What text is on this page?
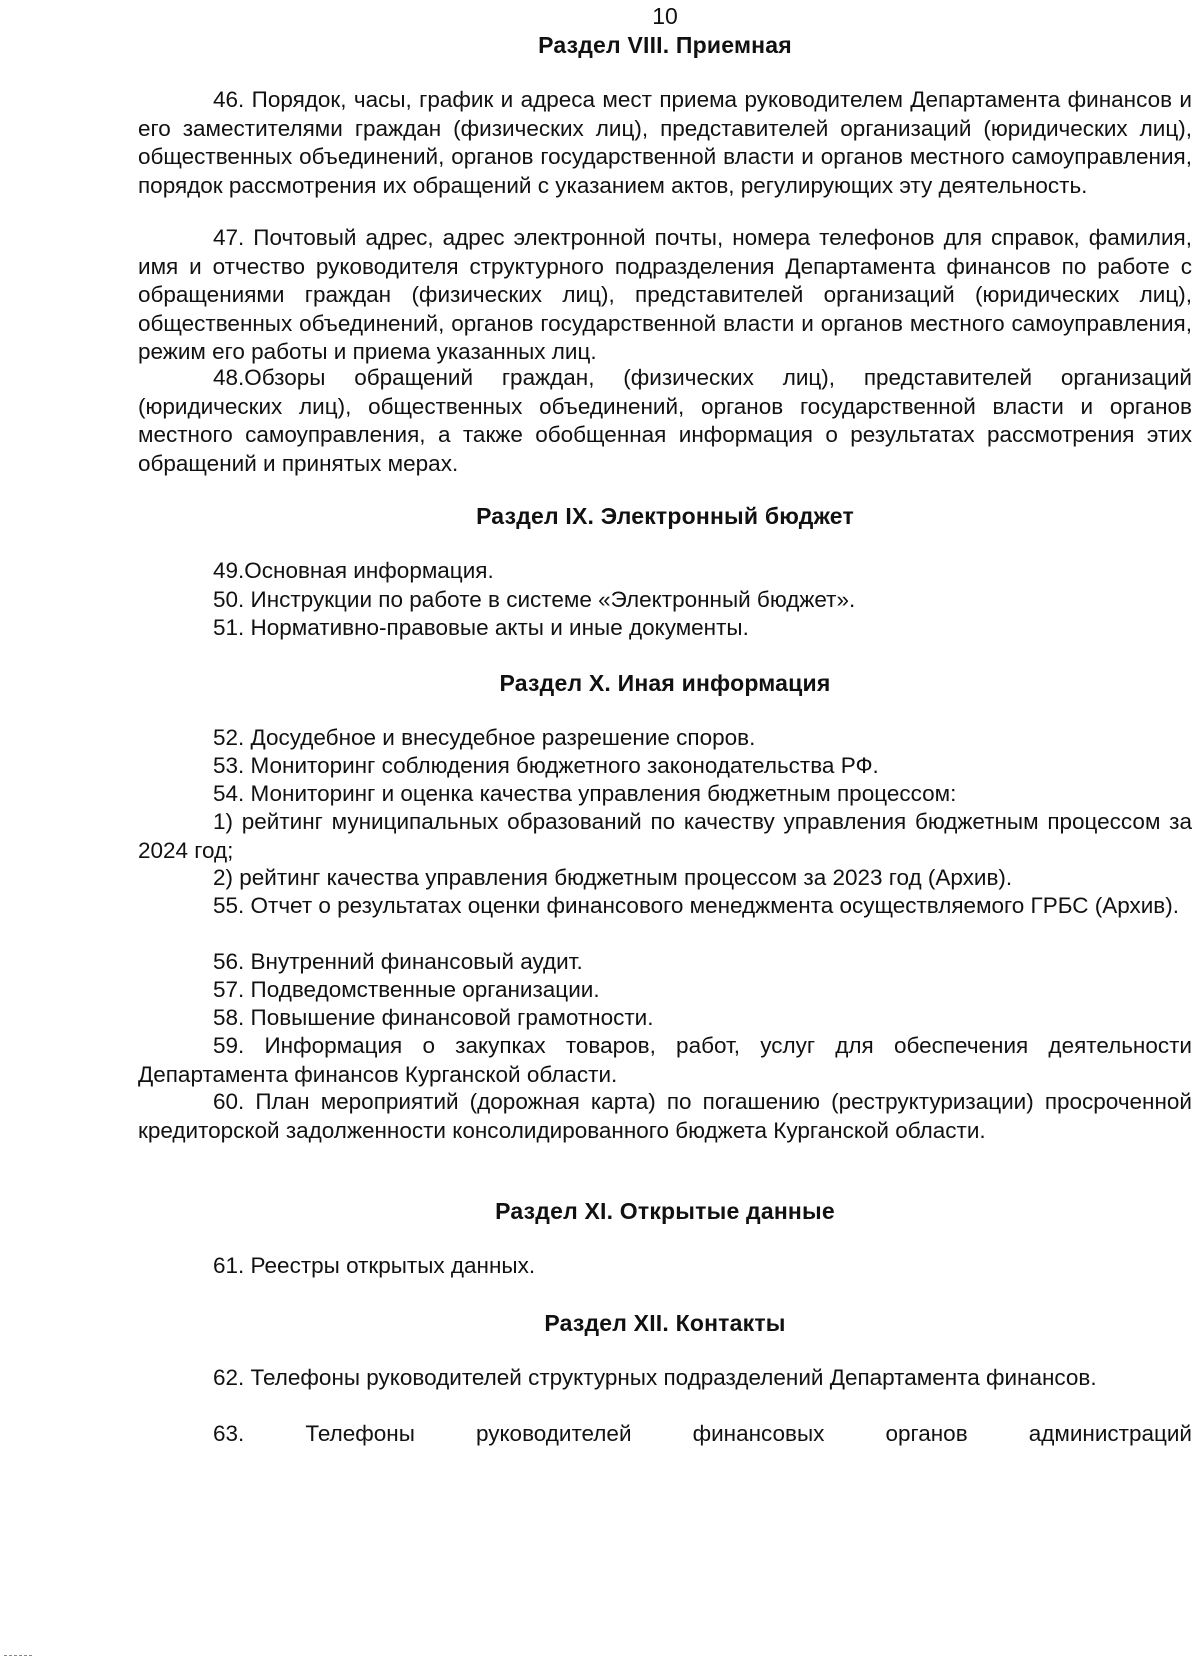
10
Раздел VIII. Приемная

46. Порядок, часы, график и адреса мест приема руководителем Департамента финансов и его заместителями граждан (физических лиц), представителей организаций (юридических лиц), общественных объединений, органов государственной власти и органов местного самоуправления, порядок рассмотрения их обращений с указанием актов, регулирующих эту деятельность.

47. Почтовый адрес, адрес электронной почты, номера телефонов для справок, фамилия, имя и отчество руководителя структурного подразделения Департамента финансов по работе с обращениями граждан (физических лиц), представителей организаций (юридических лиц), общественных объединений, органов государственной власти и органов местного самоуправления, режим его работы и приема указанных лиц.

48.Обзоры обращений граждан, (физических лиц), представителей организаций (юридических лиц), общественных объединений, органов государственной власти и органов местного самоуправления, а также обобщенная информация о результатах рассмотрения этих обращений и принятых мерах.

Раздел IX. Электронный бюджет

49.Основная информация.

50. Инструкции по работе в системе «Электронный бюджет».

51. Нормативно-правовые акты и иные документы.

Раздел X. Иная информация

52. Досудебное и внесудебное разрешение споров.

53. Мониторинг соблюдения бюджетного законодательства РФ.

54. Мониторинг и оценка качества управления бюджетным процессом:

1) рейтинг муниципальных образований по качеству управления бюджетным процессом за 2024 год;

2) рейтинг качества управления бюджетным процессом за 2023 год (Архив).

55. Отчет о результатах оценки финансового менеджмента осуществляемого ГРБС (Архив).

56. Внутренний финансовый аудит.

57. Подведомственные организации.

58. Повышение финансовой грамотности.

59. Информация о закупках товаров, работ, услуг для обеспечения деятельности Департамента финансов Курганской области.

60. План мероприятий (дорожная карта) по погашению (реструктуризации) просроченной кредиторской задолженности консолидированного бюджета Курганской области.

Раздел XI. Открытые данные

61. Реестры открытых данных.

Раздел XII. Контакты

62. Телефоны руководителей структурных подразделений Департамента финансов.

63. Телефоны руководителей финансовых органов администраций
